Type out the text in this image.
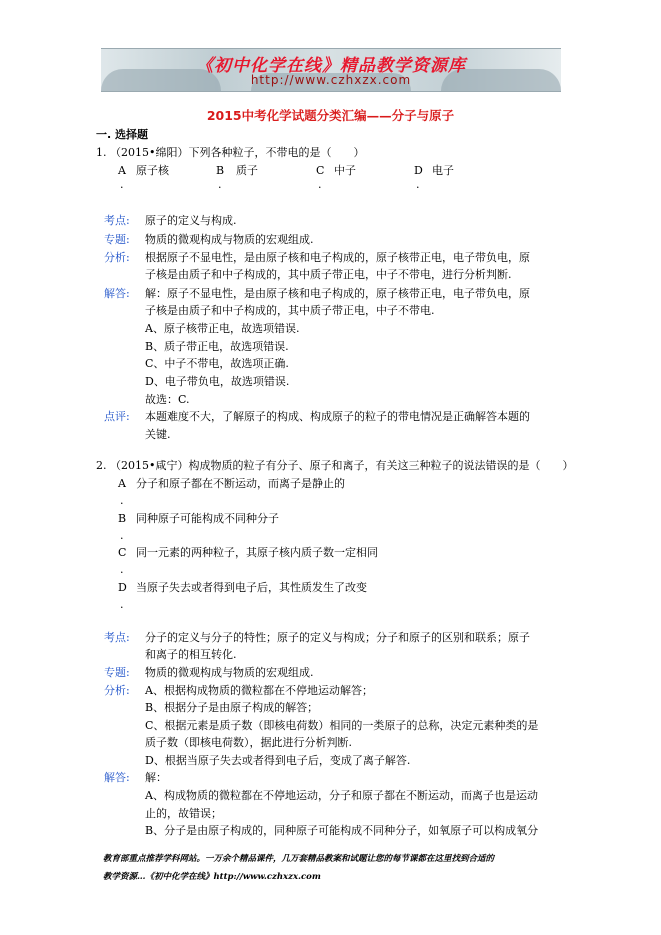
《初中化学在线》精品教学资源库
http://www.czhxzx.com
2015中考化学试题分类汇编——分子与原子
一. 选择题
1. （2015•绵阳）下列各种粒子，不带电的是（　　）
A 原子核	B 质子	C 中子	D 电子
.	.	.	.
考点: 原子的定义与构成.
专题: 物质的微观构成与物质的宏观组成.
分析: 根据原子不显电性，是由原子核和电子构成的，原子核带正电，电子带负电，原
子核是由质子和中子构成的，其中质子带正电，中子不带电，进行分析判断.
解答: 解：原子不显电性，是由原子核和电子构成的，原子核带正电，电子带负电，原
子核是由质子和中子构成的，其中质子带正电，中子不带电.
A、原子核带正电，故选项错误.
B、质子带正电，故选项错误.
C、中子不带电，故选项正确.
D、电子带负电，故选项错误.
故选：C.
点评: 本题难度不大，了解原子的构成、构成原子的粒子的带电情况是正确解答本题的
关键.
2. （2015•咸宁）构成物质的粒子有分子、原子和离子，有关这三种粒子的说法错误的是（　　）
A 分子和原子都在不断运动，而离子是静止的
.
B 同种原子可能构成不同种分子
.
C 同一元素的两种粒子，其原子核内质子数一定相同
.
D 当原子失去或者得到电子后，其性质发生了改变
.
考点: 分子的定义与分子的特性；原子的定义与构成；分子和原子的区别和联系；原子
和离子的相互转化.
专题: 物质的微观构成与物质的宏观组成.
分析: A、根据构成物质的微粒都在不停地运动解答；
B、根据分子是由原子构成的解答；
C、根据元素是质子数（即核电荷数）相同的一类原子的总称，决定元素种类的是
质子数（即核电荷数），据此进行分析判断.
D、根据当原子失去或者得到电子后，变成了离子解答.
解答: 解：
A、构成物质的微粒都在不停地运动，分子和原子都在不断运动，而离子也是运动
止的，故错误；
B、分子是由原子构成的，同种原子可能构成不同种分子，如氧原子可以构成氧分
教育部重点推荐学科网站。一万余个精品课件，几万套精品教案和试题让您的每节课都在这里找到合适的
教学资源…《初中化学在线》http://www.czhxzx.com
